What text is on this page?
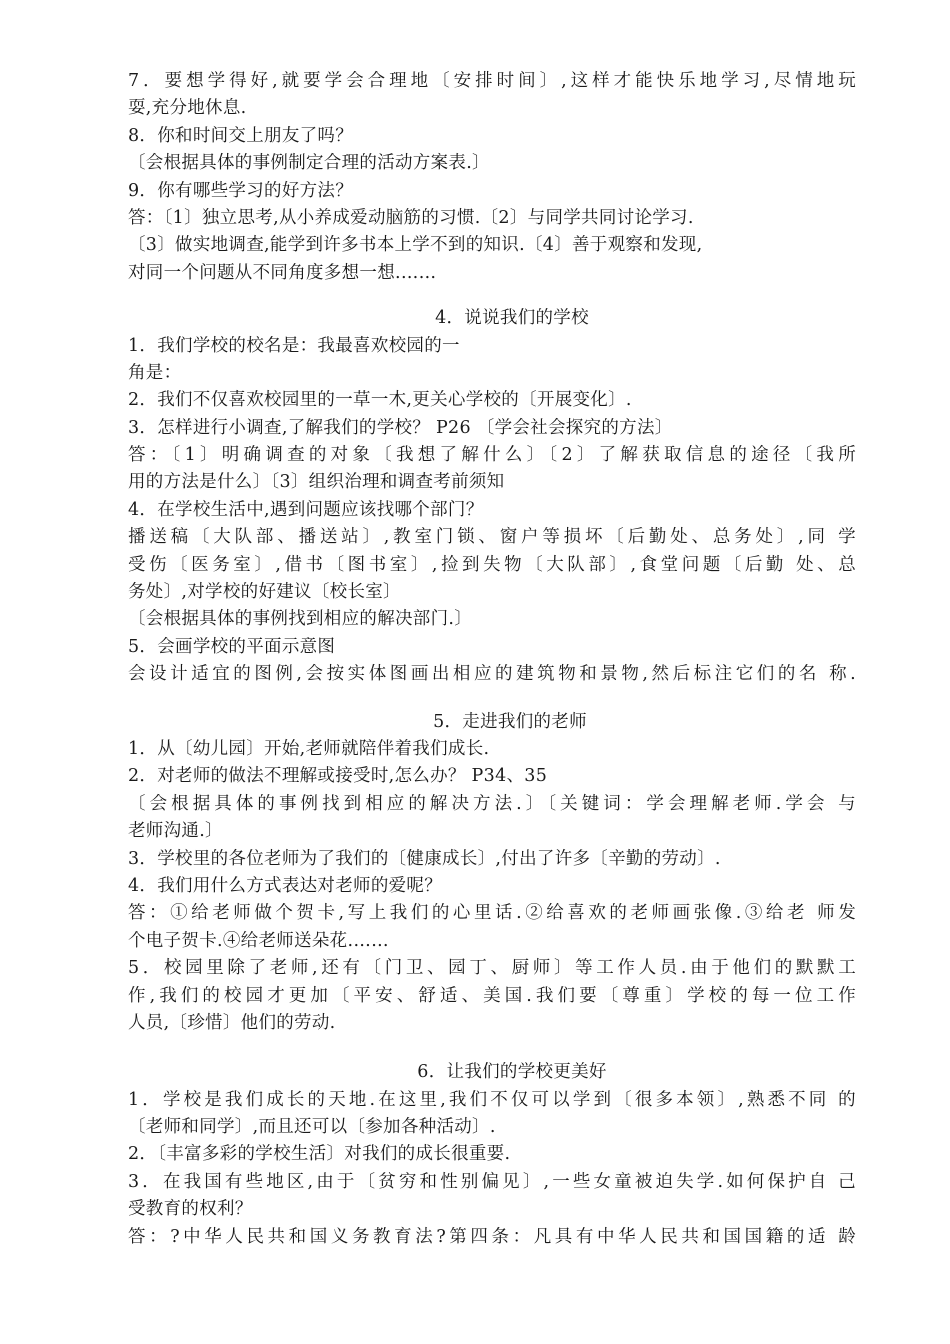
7．要想学得好,就要学会合理地〔安排时间〕,这样才能快乐地学习,尽情地玩
耍,充分地休息.
8．你和时间交上朋友了吗？
〔会根据具体的事例制定合理的活动方案表.〕
9．你有哪些学习的好方法？
答：〔1〕独立思考,从小养成爱动脑筋的习惯.〔2〕与同学共同讨论学习.
〔3〕做实地调查,能学到许多书本上学不到的知识.〔4〕善于观察和发现,
对同一个问题从不同角度多想一想.……
4．说说我们的学校
1．我们学校的校名是：我最喜欢校园的一
角是：
2．我们不仅喜欢校园里的一草一木,更关心学校的〔开展变化〕.
3．怎样进行小调查,了解我们的学校？ P26 〔学会社会探究的方法〕
答：〔1〕明确调查的对象〔我想了解什么〕〔2〕了解获取信息的途径〔我所
用的方法是什么〕〔3〕组织治理和调查考前须知
4．在学校生活中,遇到问题应该找哪个部门？
播送稿〔大队部、播送站〕,教室门锁、窗户等损坏〔后勤处、总务处〕,同 学
受伤〔医务室〕,借书〔图书室〕,捡到失物〔大队部〕,食堂问题〔后勤 处、总
务处〕,对学校的好建议〔校长室〕
〔会根据具体的事例找到相应的解决部门.〕
5．会画学校的平面示意图
会设计适宜的图例,会按实体图画出相应的建筑物和景物,然后标注它们的名 称.
5．走进我们的老师
1．从〔幼儿园〕开始,老师就陪伴着我们成长.
2．对老师的做法不理解或接受时,怎么办？ P34、35
〔会根据具体的事例找到相应的解决方法.〕〔关键词：学会理解老师.学会 与
老师沟通.〕
3．学校里的各位老师为了我们的〔健康成长〕,付出了许多〔辛勤的劳动〕.
4．我们用什么方式表达对老师的爱呢？
答：①给老师做个贺卡,写上我们的心里话.②给喜欢的老师画张像.③给老 师发
个电子贺卡.④给老师送朵花.……
5．校园里除了老师,还有〔门卫、园丁、厨师〕等工作人员.由于他们的默默工
作,我们的校园才更加〔平安、舒适、美国.我们要〔尊重〕学校的每一位工作
人员,〔珍惜〕他们的劳动.
6．让我们的学校更美好
1．学校是我们成长的天地.在这里,我们不仅可以学到〔很多本领〕,熟悉不同 的
〔老师和同学〕,而且还可以〔参加各种活动〕.
2．〔丰富多彩的学校生活〕对我们的成长很重要.
3．在我国有些地区,由于〔贫穷和性别偏见〕,一些女童被迫失学.如何保护自 己
受教育的权利？
答：?中华人民共和国义务教育法?第四条：凡具有中华人民共和国国籍的适 龄
